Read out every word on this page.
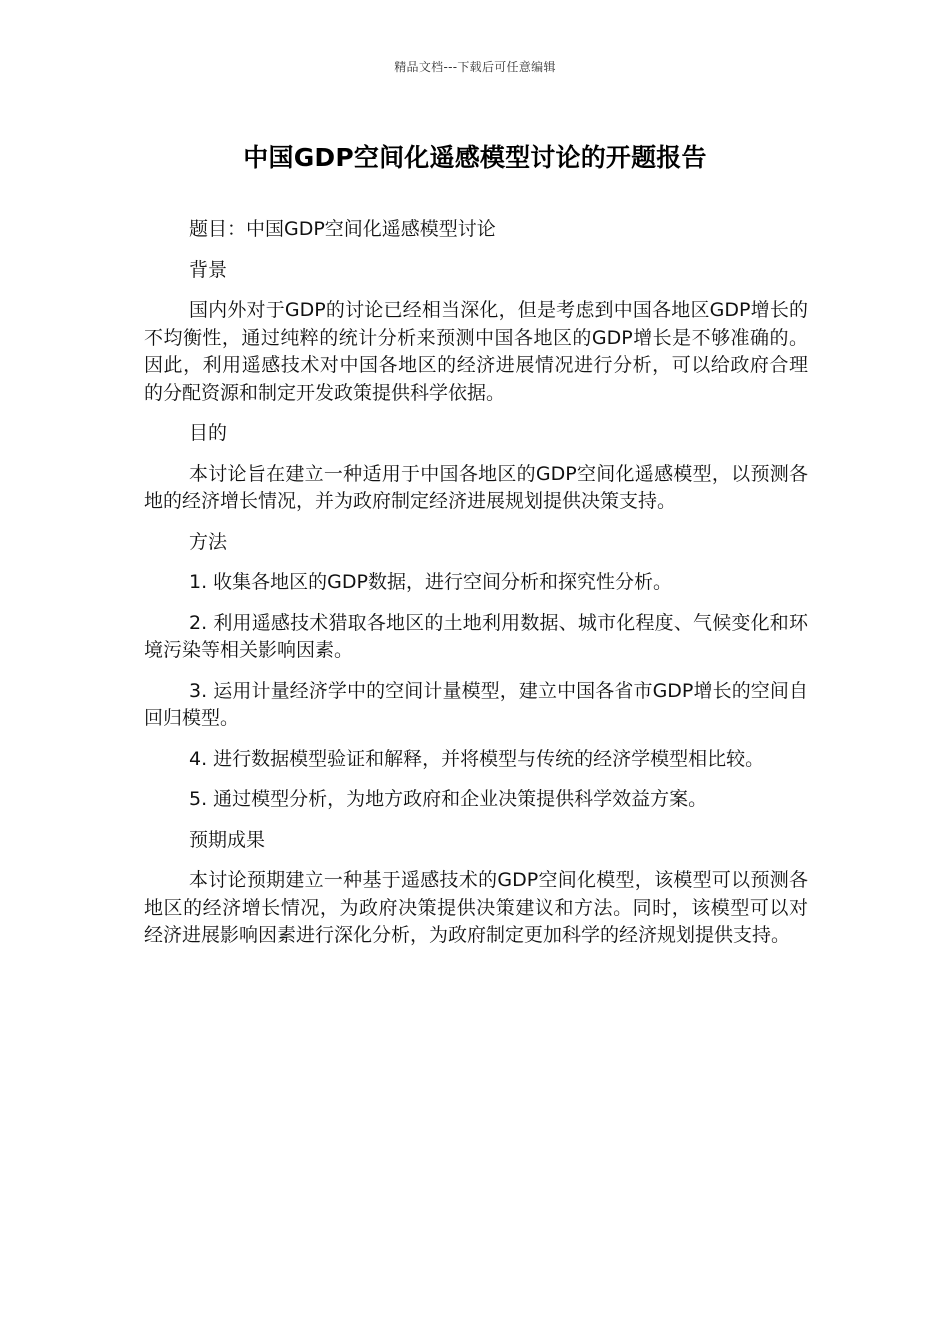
精品文档---下载后可任意编辑
中国GDP空间化遥感模型讨论的开题报告

题目：中国GDP空间化遥感模型讨论

背景

国内外对于GDP的讨论已经相当深化，但是考虑到中国各地区GDP增长的不均衡性，通过纯粹的统计分析来预测中国各地区的GDP增长是不够准确的。因此，利用遥感技术对中国各地区的经济进展情况进行分析，可以给政府合理的分配资源和制定开发政策提供科学依据。

目的

本讨论旨在建立一种适用于中国各地区的GDP空间化遥感模型，以预测各地的经济增长情况，并为政府制定经济进展规划提供决策支持。

方法

1. 收集各地区的GDP数据，进行空间分析和探究性分析。

2. 利用遥感技术猎取各地区的土地利用数据、城市化程度、气候变化和环境污染等相关影响因素。

3. 运用计量经济学中的空间计量模型，建立中国各省市GDP增长的空间自回归模型。

4. 进行数据模型验证和解释，并将模型与传统的经济学模型相比较。

5. 通过模型分析，为地方政府和企业决策提供科学效益方案。

预期成果

本讨论预期建立一种基于遥感技术的GDP空间化模型，该模型可以预测各地区的经济增长情况，为政府决策提供决策建议和方法。同时，该模型可以对经济进展影响因素进行深化分析，为政府制定更加科学的经济规划提供支持。
